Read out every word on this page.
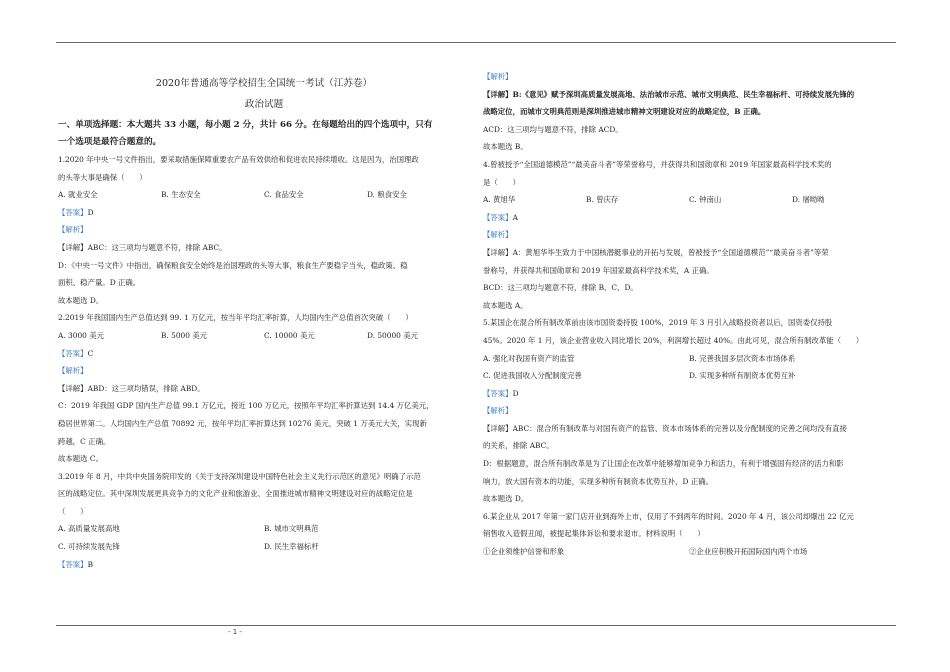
2020年普通高等学校招生全国统一考试（江苏卷）

政治试题

一、单项选择题：本大题共 33 小题，每小题 2 分，共计 66 分。在每题给出的四个选项中，只有

一个选项是最符合题意的。

1.2020 年中央一号文件指出，要采取措施保障重要农产品有效供给和促进农民持续增收。这是因为，治国理政

的头等大事是确保（　　）

A. 就业安全	B. 生态安全	C. 食品安全	D. 粮食安全

【答案】D

【解析】

【详解】ABC：这三项均与题意不符，排除 ABC。

D：《中央一号文件》中指出，确保粮食安全始终是治国理政的头等大事，粮食生产要稳字当头，稳政策、稳

面积、稳产量。D 正确。

故本题选 D。

2.2019 年我国国内生产总值达到 99. 1 万亿元，按当年平均汇率折算，人均国内生产总值首次突破（　　）

A. 3000 美元	B. 5000 美元	C. 10000 美元	D. 50000 美元

【答案】C

【解析】

【详解】ABD：这三项均错误，排除 ABD。

C：2019 年我国 GDP 国内生产总值 99.1 万亿元，接近 100 万亿元，按照年平均汇率折算达到 14.4 万亿美元，

稳居世界第二。人均国内生产总值 70892 元，按年平均汇率折算达到 10276 美元，突破 1 万美元大关，实现新

跨越，C 正确。

故本题选 C。

3.2019 年 8 月，中共中央国务院印发的《关于支持深圳建设中国特色社会主义先行示范区的意见》明确了示范

区的战略定位。其中深圳发展更具竞争力的文化产业和旅游业、全面推进城市精神文明建设对应的战略定位是

（　　）

A. 高质量发展高地	B. 城市文明典范

C. 可持续发展先锋	D. 民生幸福标杆

【答案】B

【解析】

【详解】B:《意见》赋予深圳高质量发展高地、法治城市示范、城市文明典范、民生幸福标杆、可持续发展先锋的

战略定位，而城市文明典范则是深圳推进城市精神文明建设对应的战略定位，B 正确。

ACD：这三项均与题意不符，排除 ACD。

故本题选 B。

4.曾被授予“全国道德模范”“最美奋斗者”等荣誉称号，并获得共和国勋章和 2019 年国家最高科学技术奖的

是（　　）

A. 黄旭华	B. 曾庆存	C. 钟南山	D. 屠呦呦

【答案】A

【解析】

【详解】A：黄旭华毕生致力于中国核潜艇事业的开拓与发展，曾被授予“全国道德模范”“最美奋斗者”等荣

誉称号，并获得共和国勋章和 2019 年国家最高科学技术奖，A 正确。

BCD：这三项均与题意不符，排除 B、C、D。

故本题选 A。

5.某国企在混合所有制改革前由该市国资委持股 100%，2019 年 3 月引入战略投资者以后，国资委仅持股

45%。2020 年 1 月，该企业营业收入同比增长 20%，利润增长超过 40%。由此可见，混合所有制改革能（　　）

A. 强化对我国有资产的监管	B. 完善我国多层次资本市场体系

C. 促进我国收入分配制度完善	D. 实现多种所有制资本优势互补

【答案】D

【解析】

【详解】ABC：混合所有制改革与对国有资产的监管、资本市场体系的完善以及分配制度的完善之间均没有直接

的关系，排除 ABC。

D：根据题意，混合所有制改革是为了让国企在改革中能够增加竞争力和活力，有利于增强国有经济的活力和影

响力，放大国有资本的功能，实现多种所有制资本优势互补，D 正确。

故本题选 D。

6.某企业从 2017 年第一家门店开业到海外上市，仅用了不到两年的时间。2020 年 4 月，该公司却爆出 22 亿元

销售收入造假丑闻，被提起集体诉讼和要求退市。材料说明（　　）

①企业须维护信誉和形象	②企业应积极开拓国际国内两个市场

- 1 -
